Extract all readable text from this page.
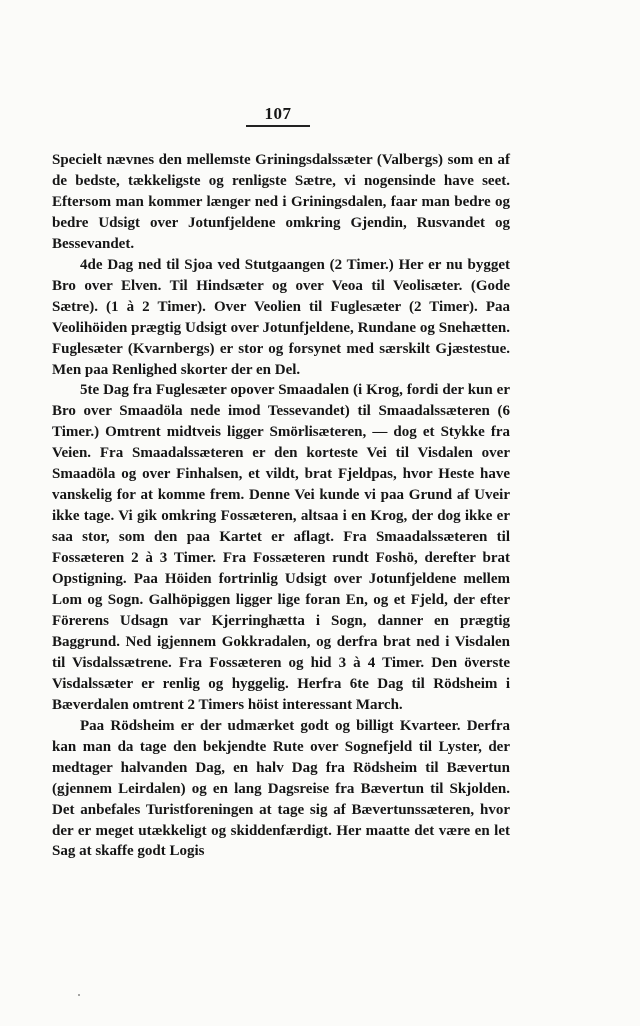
107

Specielt nævnes den mellemste Griningsdalssæter (Valbergs) som en af de bedste, tækkeligste og renligste Sætre, vi nogensinde have seet. Eftersom man kommer længer ned i Griningsdalen, faar man bedre og bedre Udsigt over Jotunfjeldene omkring Gjendin, Rusvandet og Bessevandet.

4de Dag ned til Sjoa ved Stutgaangen (2 Timer.) Her er nu bygget Bro over Elven. Til Hindsæter og over Veoa til Veolisæter. (Gode Sætre). (1 à 2 Timer). Over Veolien til Fuglesæter (2 Timer). Paa Veolihöiden prægtig Udsigt over Jotunfjeldene, Rundane og Snehætten. Fuglesæter (Kvarnbergs) er stor og forsynet med særskilt Gjæstestue. Men paa Renlighed skorter der en Del.

5te Dag fra Fuglesæter opover Smaadalen (i Krog, fordi der kun er Bro over Smaadöla nede imod Tessevandet) til Smaadalssæteren (6 Timer.) Omtrent midtveis ligger Smörlisæteren, — dog et Stykke fra Veien. Fra Smaadalssæteren er den korteste Vei til Visdalen over Smaadöla og over Finhalsen, et vildt, brat Fjeldpas, hvor Heste have vanskelig for at komme frem. Denne Vei kunde vi paa Grund af Uveir ikke tage. Vi gik omkring Fossæteren, altsaa i en Krog, der dog ikke er saa stor, som den paa Kartet er aflagt. Fra Smaadalssæteren til Fossæteren 2 à 3 Timer. Fra Fossæteren rundt Foshö, derefter brat Opstigning. Paa Höiden fortrinlig Udsigt over Jotunfjeldene mellem Lom og Sogn. Galhöpiggen ligger lige foran En, og et Fjeld, der efter Förerens Udsagn var Kjerringhætta i Sogn, danner en prægtig Baggrund. Ned igjennem Gokkradalen, og derfra brat ned i Visdalen til Visdalssætrene. Fra Fossæteren og hid 3 à 4 Timer. Den överste Visdalssæter er renlig og hyggelig. Herfra 6te Dag til Rödsheim i Bæverdalen omtrent 2 Timers höist interessant March.

Paa Rödsheim er der udmærket godt og billigt Kvarteer. Derfra kan man da tage den bekjendte Rute over Sognefjeld til Lyster, der medtager halvanden Dag, en halv Dag fra Rödsheim til Bævertun (gjennem Leirdalen) og en lang Dagsreise fra Bævertun til Skjolden. Det anbefales Turistforeningen at tage sig af Bævertunssæteren, hvor der er meget utækkeligt og skiddenfærdigt. Her maatte det være en let Sag at skaffe godt Logis
